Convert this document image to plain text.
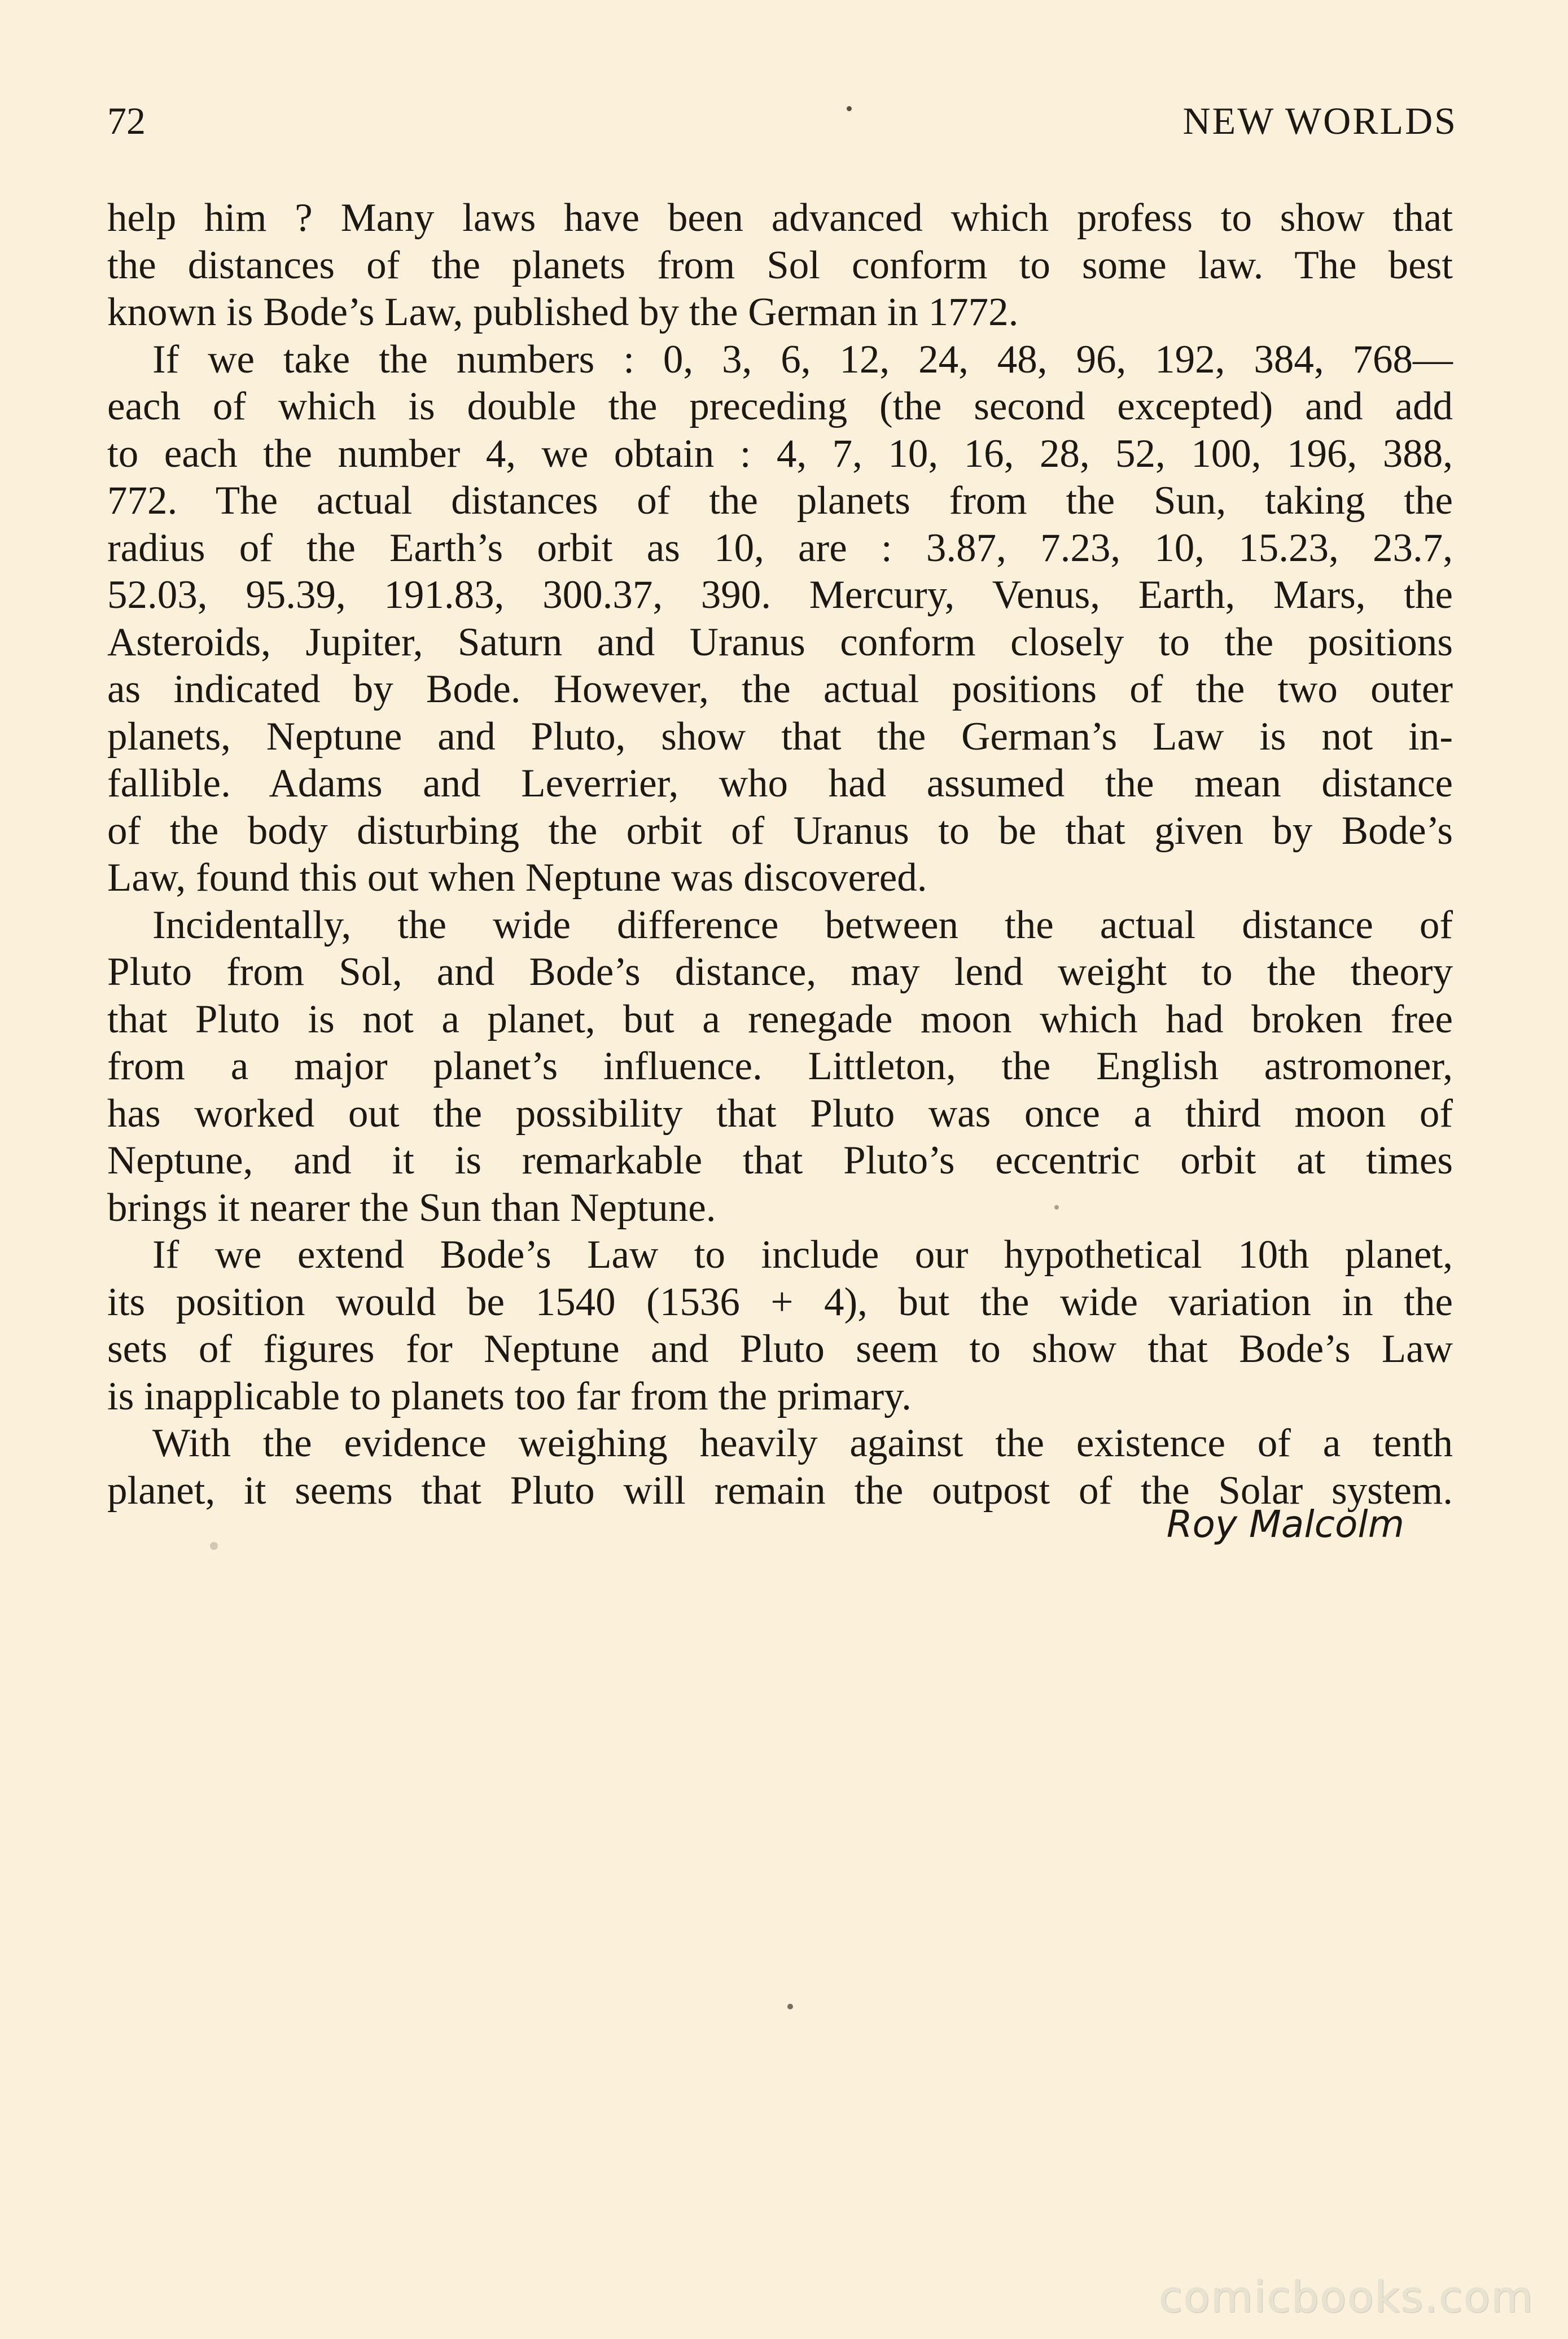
72	NEW WORLDS
help him ? Many laws have been advanced which profess to show that
the distances of the planets from Sol conform to some law. The best
known is Bode’s Law, published by the German in 1772.
If we take the numbers : 0, 3, 6, 12, 24, 48, 96, 192, 384, 768—
each of which is double the preceding (the second excepted) and add
to each the number 4, we obtain : 4, 7, 10, 16, 28, 52, 100, 196, 388,
772. The actual distances of the planets from the Sun, taking the
radius of the Earth’s orbit as 10, are : 3.87, 7.23, 10, 15.23, 23.7,
52.03, 95.39, 191.83, 300.37, 390. Mercury, Venus, Earth, Mars, the
Asteroids, Jupiter, Saturn and Uranus conform closely to the positions
as indicated by Bode. However, the actual positions of the two outer
planets, Neptune and Pluto, show that the German’s Law is not in-
fallible. Adams and Leverrier, who had assumed the mean distance
of the body disturbing the orbit of Uranus to be that given by Bode’s
Law, found this out when Neptune was discovered.
Incidentally, the wide difference between the actual distance of
Pluto from Sol, and Bode’s distance, may lend weight to the theory
that Pluto is not a planet, but a renegade moon which had broken free
from a major planet’s influence. Littleton, the English astromoner,
has worked out the possibility that Pluto was once a third moon of
Neptune, and it is remarkable that Pluto’s eccentric orbit at times
brings it nearer the Sun than Neptune.
If we extend Bode’s Law to include our hypothetical 10th planet,
its position would be 1540 (1536 + 4), but the wide variation in the
sets of figures for Neptune and Pluto seem to show that Bode’s Law
is inapplicable to planets too far from the primary.
With the evidence weighing heavily against the existence of a tenth
planet, it seems that Pluto will remain the outpost of the Solar system.
Roy Malcolm
comicbooks.com
